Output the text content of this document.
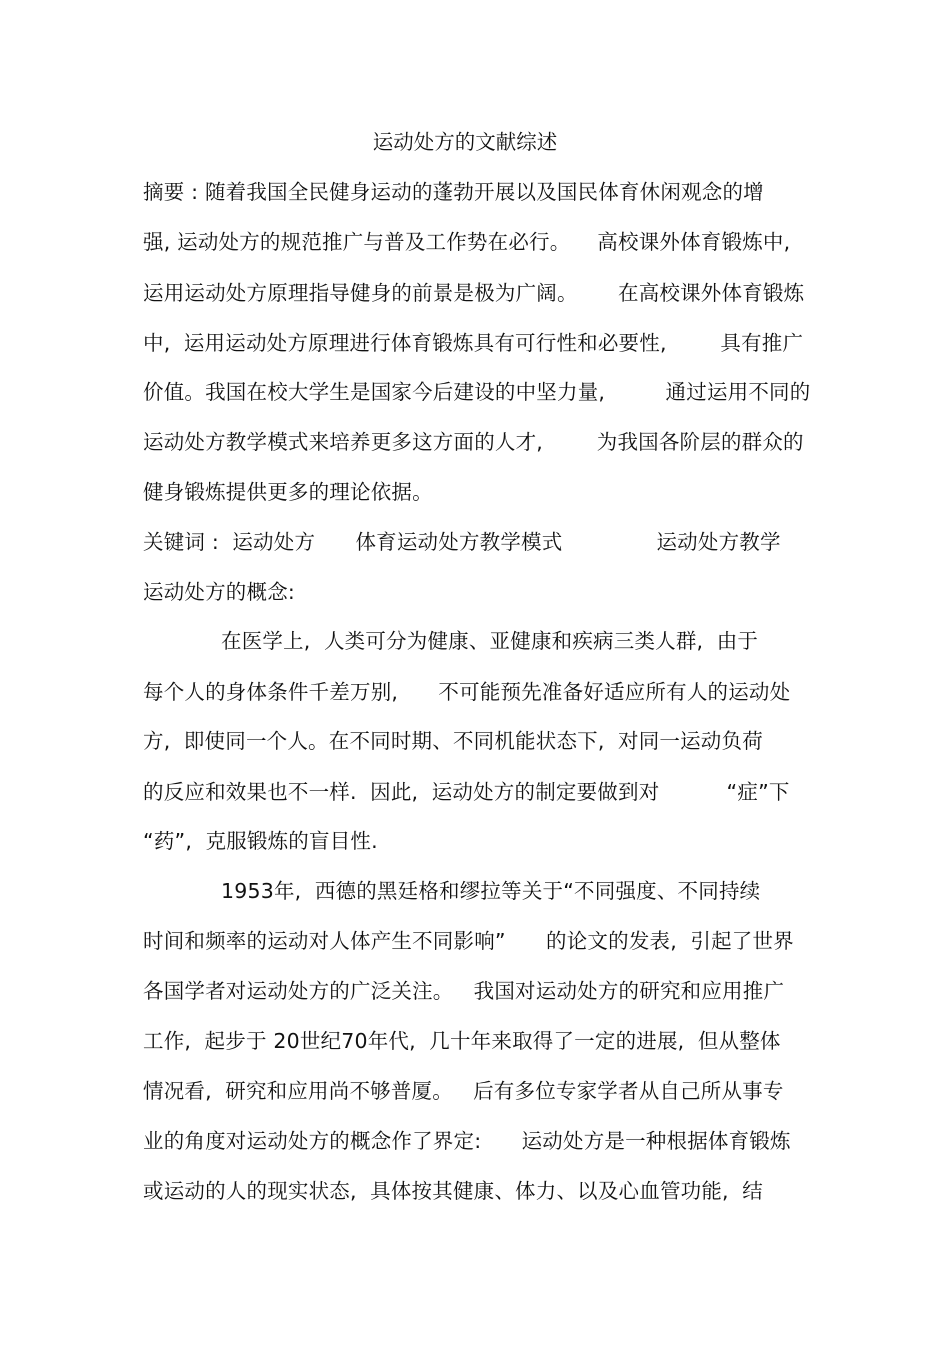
运动处方的文献综述
摘要 : 随着我国全民健身运动的蓬勃开展以及国民体育休闲观念的增
强, 运动处方的规范推广与普及工作势在必行。    高校课外体育锻炼中,
运用运动处方原理指导健身的前景是极为广阔。      在高校课外体育锻炼
中,  运用运动处方原理进行体育锻炼具有可行性和必要性,        具有推广
价值。我国在校大学生是国家今后建设的中坚力量,         通过运用不同的
运动处方教学模式来培养更多这方面的人才,        为我国各阶层的群众的
健身锻炼提供更多的理论依据。
关键词 :  运动处方      体育运动处方教学模式              运动处方教学
运动处方的概念:
在医学上,  人类可分为健康、亚健康和疾病三类人群,  由于
每个人的身体条件千差万别,      不可能预先准备好适应所有人的运动处
方,  即使同一个人。在不同时期、不同机能状态下,  对同一运动负荷
的反应和效果也不一样.  因此,  运动处方的制定要做到对          “症”下
“药”,  克服锻炼的盲目性.
1953年,  西德的黑廷格和缪拉等关于“不同强度、不同持续
时间和频率的运动对人体产生不同影响”      的论文的发表,  引起了世界
各国学者对运动处方的广泛关注。   我国对运动处方的研究和应用推广
工作,  起步于 20世纪70年代,  几十年来取得了一定的进展,  但从整体
情况看,  研究和应用尚不够普厦。   后有多位专家学者从自己所从事专
业的角度对运动处方的概念作了界定:      运动处方是一种根据体育锻炼
或运动的人的现实状态,  具体按其健康、体力、以及心血管功能,  结
